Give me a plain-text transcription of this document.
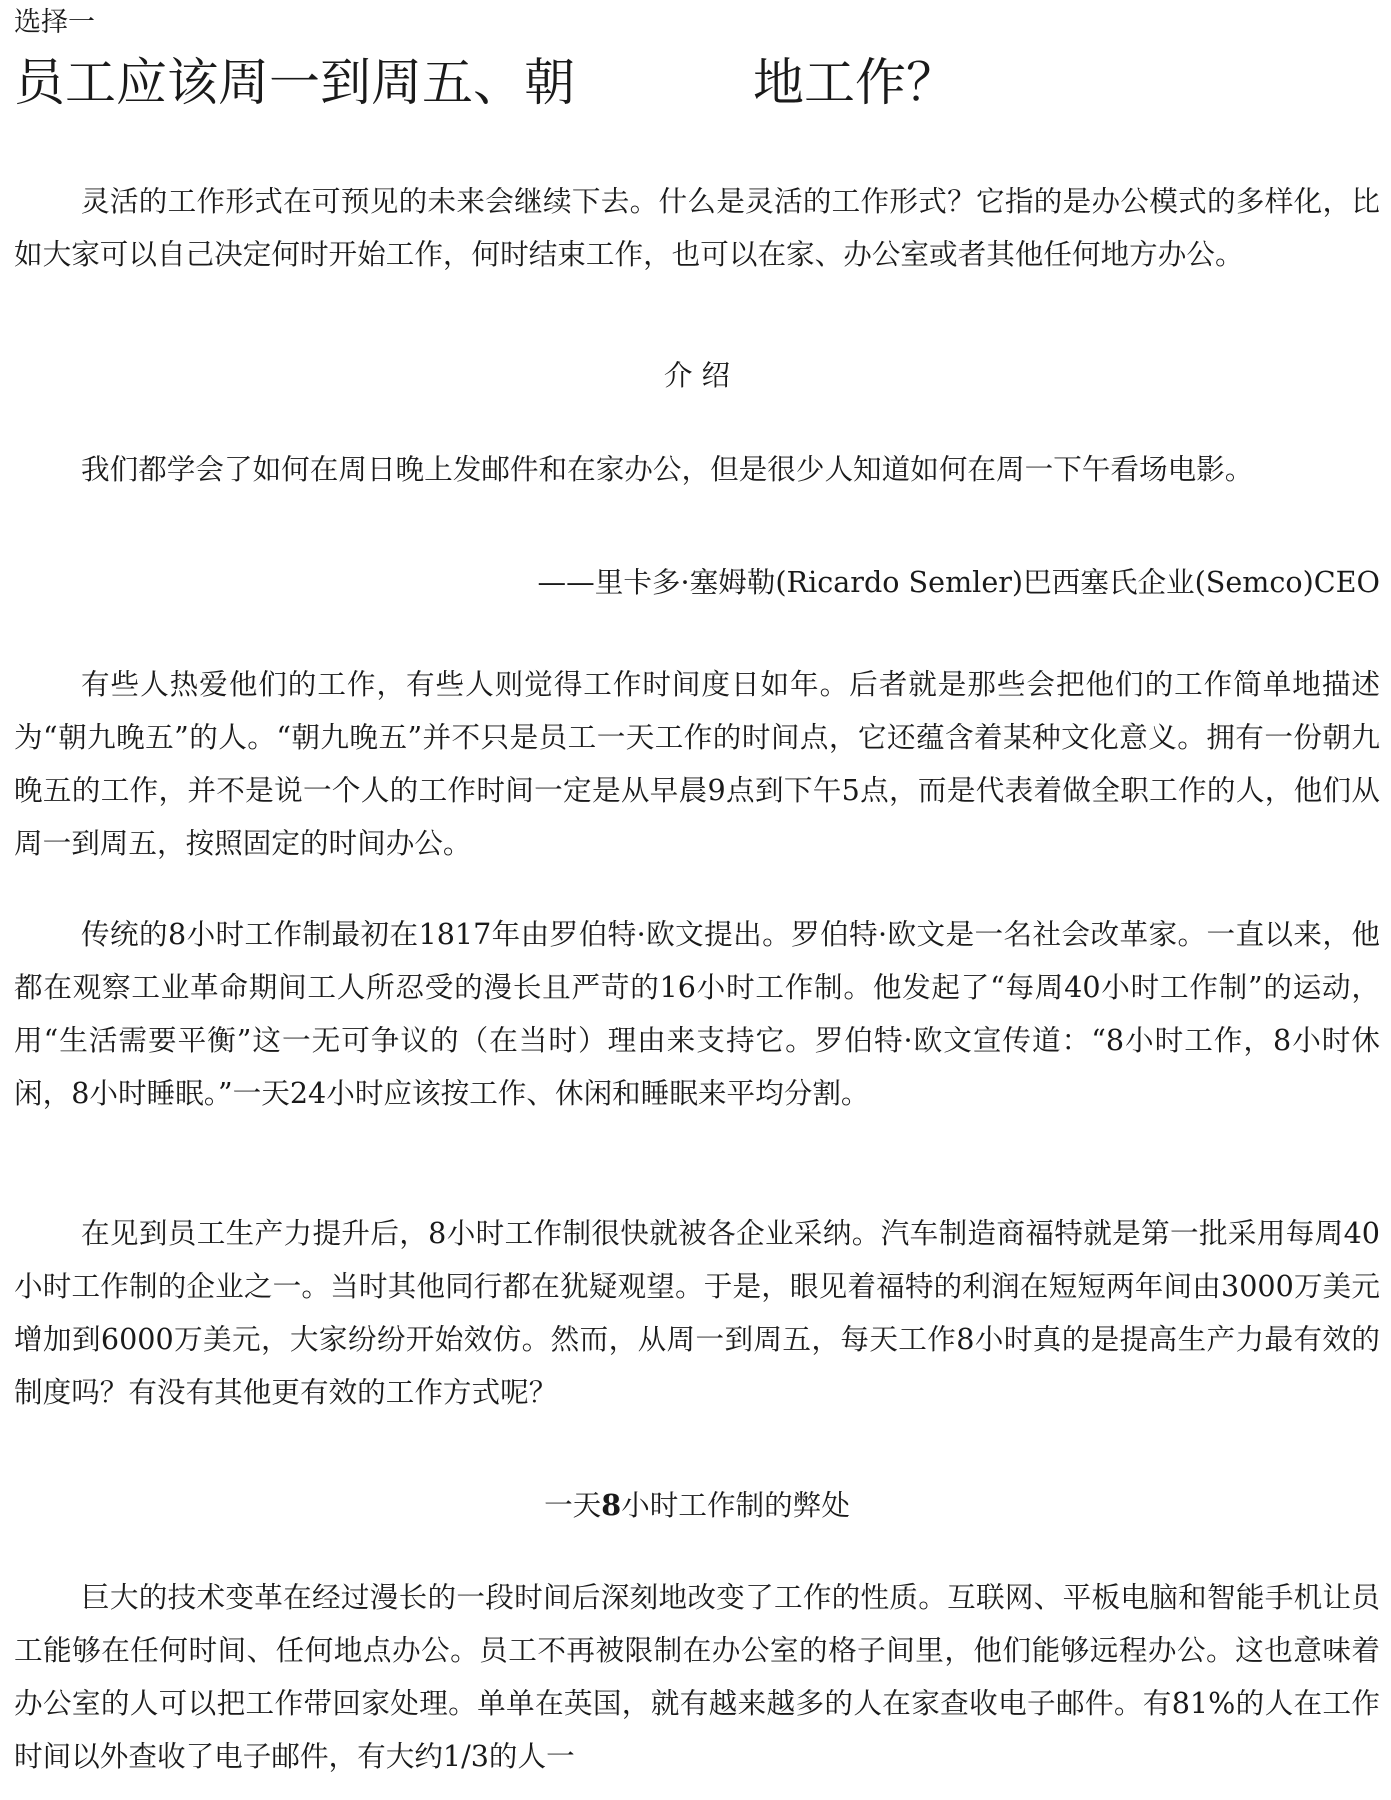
选择一
员工应该周一到周五、朝	地工作？

灵活的工作形式在可预见的未来会继续下去。什么是灵活的工作形式？它指的是办公模式的多样化，比如大家可以自己决定何时开始工作，何时结束工作，也可以在家、办公室或者其他任何地方办公。

介 绍

我们都学会了如何在周日晚上发邮件和在家办公，但是很少人知道如何在周一下午看场电影。

——里卡多·塞姆勒(Ricardo Semler)巴西塞氏企业(Semco)CEO

有些人热爱他们的工作，有些人则觉得工作时间度日如年。后者就是那些会把他们的工作简单地描述为“朝九晚五”的人。“朝九晚五”并不只是员工一天工作的时间点，它还蕴含着某种文化意义。拥有一份朝九晚五的工作，并不是说一个人的工作时间一定是从早晨9点到下午5点，而是代表着做全职工作的人，他们从周一到周五，按照固定的时间办公。

传统的8小时工作制最初在1817年由罗伯特·欧文提出。罗伯特·欧文是一名社会改革家。一直以来，他都在观察工业革命期间工人所忍受的漫长且严苛的16小时工作制。他发起了“每周40小时工作制”的运动，用“生活需要平衡”这一无可争议的（在当时）理由来支持它。罗伯特·欧文宣传道：“8小时工作，8小时休闲，8小时睡眠。”一天24小时应该按工作、休闲和睡眠来平均分割。

在见到员工生产力提升后，8小时工作制很快就被各企业采纳。汽车制造商福特就是第一批采用每周40小时工作制的企业之一。当时其他同行都在犹疑观望。于是，眼见着福特的利润在短短两年间由3000万美元增加到6000万美元，大家纷纷开始效仿。然而，从周一到周五，每天工作8小时真的是提高生产力最有效的制度吗？有没有其他更有效的工作方式呢？

一天8小时工作制的弊处

巨大的技术变革在经过漫长的一段时间后深刻地改变了工作的性质。互联网、平板电脑和智能手机让员工能够在任何时间、任何地点办公。员工不再被限制在办公室的格子间里，他们能够远程办公。这也意味着办公室的人可以把工作带回家处理。单单在英国，就有越来越多的人在家查收电子邮件。有81%的人在工作时间以外查收了电子邮件，有大约1/3的人一
